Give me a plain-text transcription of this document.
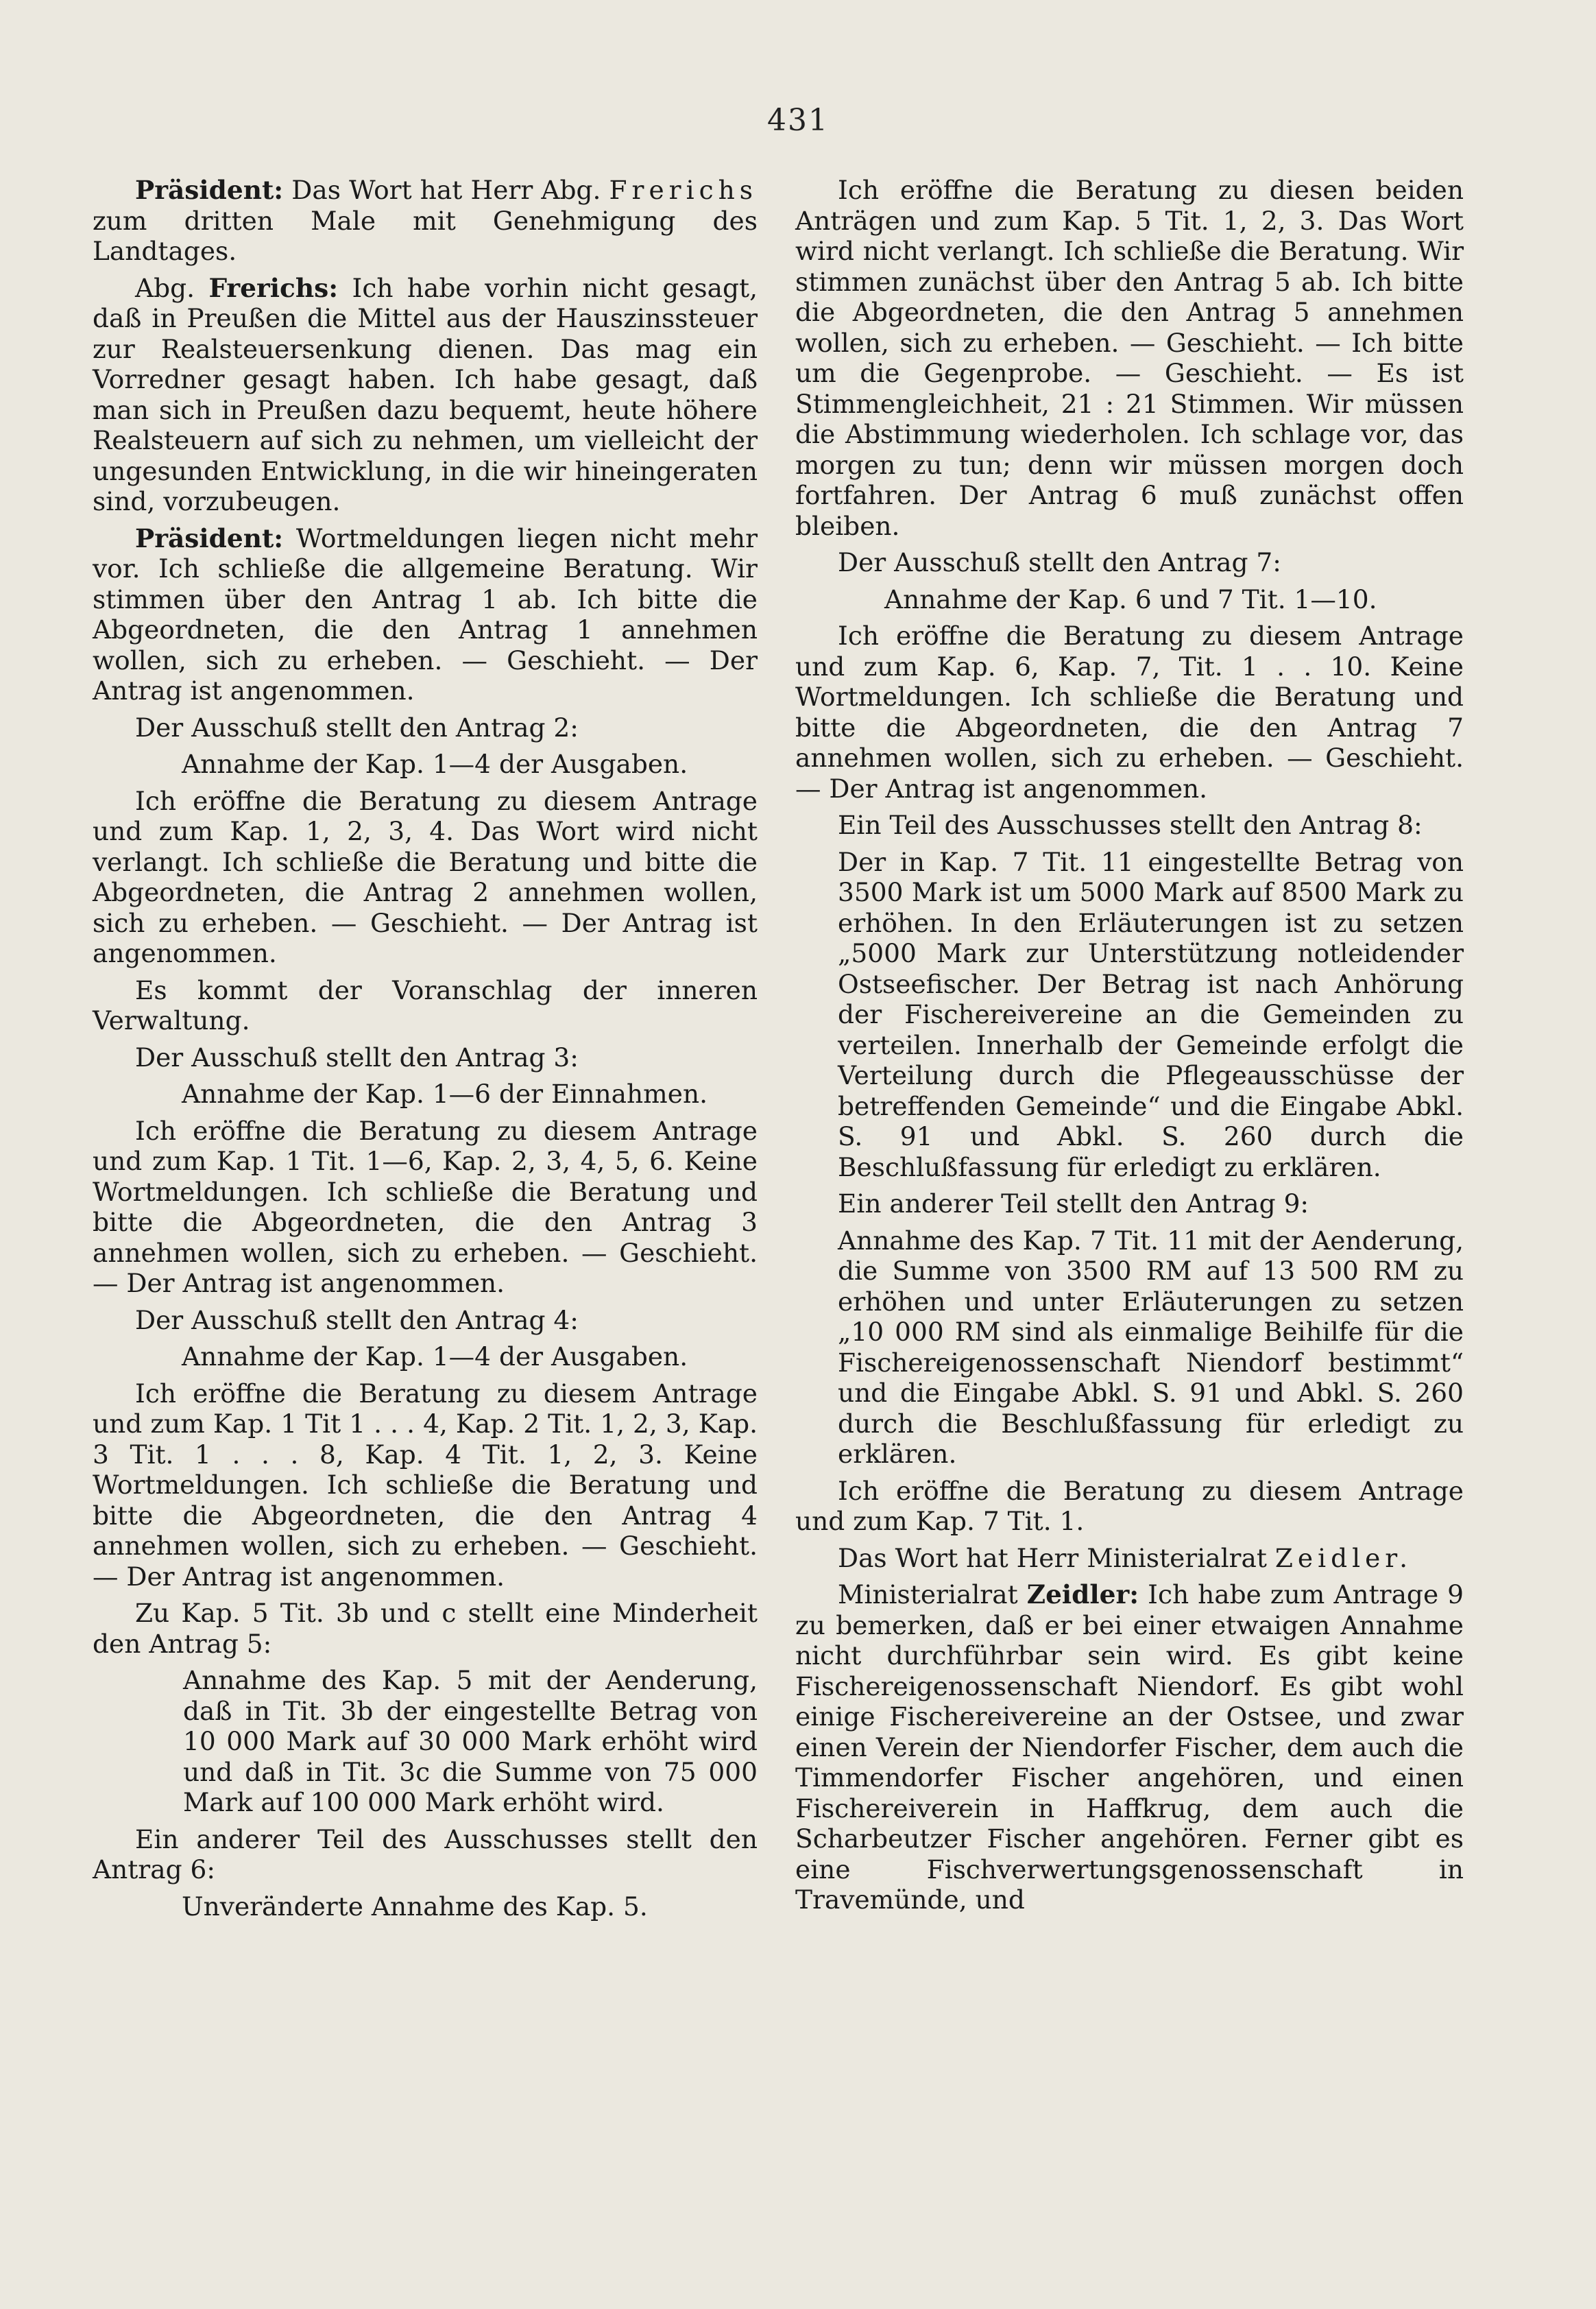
431

Präsident: Das Wort hat Herr Abg. Frerichs zum dritten Male mit Genehmigung des Landtages.

Abg. Frerichs: Ich habe vorhin nicht gesagt, daß in Preußen die Mittel aus der Hauszinssteuer zur Realsteuersenkung dienen. Das mag ein Vorredner gesagt haben. Ich habe gesagt, daß man sich in Preußen dazu bequemt, heute höhere Realsteuern auf sich zu nehmen, um vielleicht der ungesunden Entwicklung, in die wir hineingeraten sind, vorzubeugen.

Präsident: Wortmeldungen liegen nicht mehr vor. Ich schließe die allgemeine Beratung. Wir stimmen über den Antrag 1 ab. Ich bitte die Abgeordneten, die den Antrag 1 annehmen wollen, sich zu erheben. — Geschieht. — Der Antrag ist angenommen.

Der Ausschuß stellt den Antrag 2:

Annahme der Kap. 1—4 der Ausgaben.

Ich eröffne die Beratung zu diesem Antrage und zum Kap. 1, 2, 3, 4. Das Wort wird nicht verlangt. Ich schließe die Beratung und bitte die Abgeordneten, die Antrag 2 annehmen wollen, sich zu erheben. — Geschieht. — Der Antrag ist angenommen.

Es kommt der Voranschlag der inneren Verwaltung.

Der Ausschuß stellt den Antrag 3:

Annahme der Kap. 1—6 der Einnahmen.

Ich eröffne die Beratung zu diesem Antrage und zum Kap. 1 Tit. 1—6, Kap. 2, 3, 4, 5, 6. Keine Wortmeldungen. Ich schließe die Beratung und bitte die Abgeordneten, die den Antrag 3 annehmen wollen, sich zu erheben. — Geschieht. — Der Antrag ist angenommen.

Der Ausschuß stellt den Antrag 4:

Annahme der Kap. 1—4 der Ausgaben.

Ich eröffne die Beratung zu diesem Antrage und zum Kap. 1 Tit 1 . . . 4, Kap. 2 Tit. 1, 2, 3, Kap. 3 Tit. 1 . . . 8, Kap. 4 Tit. 1, 2, 3. Keine Wortmeldungen. Ich schließe die Beratung und bitte die Abgeordneten, die den Antrag 4 annehmen wollen, sich zu erheben. — Geschieht. — Der Antrag ist angenommen.

Zu Kap. 5 Tit. 3b und c stellt eine Minderheit den Antrag 5:

Annahme des Kap. 5 mit der Aenderung, daß in Tit. 3b der eingestellte Betrag von 10 000 Mark auf 30 000 Mark erhöht wird und daß in Tit. 3c die Summe von 75 000 Mark auf 100 000 Mark erhöht wird.

Ein anderer Teil des Ausschusses stellt den Antrag 6:

Unveränderte Annahme des Kap. 5.

Ich eröffne die Beratung zu diesen beiden Anträgen und zum Kap. 5 Tit. 1, 2, 3. Das Wort wird nicht verlangt. Ich schließe die Beratung. Wir stimmen zunächst über den Antrag 5 ab. Ich bitte die Abgeordneten, die den Antrag 5 annehmen wollen, sich zu erheben. — Geschieht. — Ich bitte um die Gegenprobe. — Geschieht. — Es ist Stimmengleichheit, 21 : 21 Stimmen. Wir müssen die Abstimmung wiederholen. Ich schlage vor, das morgen zu tun; denn wir müssen morgen doch fortfahren. Der Antrag 6 muß zunächst offen bleiben.

Der Ausschuß stellt den Antrag 7:

Annahme der Kap. 6 und 7 Tit. 1—10.

Ich eröffne die Beratung zu diesem Antrage und zum Kap. 6, Kap. 7, Tit. 1 . . 10. Keine Wortmeldungen. Ich schließe die Beratung und bitte die Abgeordneten, die den Antrag 7 annehmen wollen, sich zu erheben. — Geschieht. — Der Antrag ist angenommen.

Ein Teil des Ausschusses stellt den Antrag 8:

Der in Kap. 7 Tit. 11 eingestellte Betrag von 3500 Mark ist um 5000 Mark auf 8500 Mark zu erhöhen. In den Erläuterungen ist zu setzen „5000 Mark zur Unterstützung notleidender Ostseefischer. Der Betrag ist nach Anhörung der Fischereivereine an die Gemeinden zu verteilen. Innerhalb der Gemeinde erfolgt die Verteilung durch die Pflegeausschüsse der betreffenden Gemeinde“ und die Eingabe Abkl. S. 91 und Abkl. S. 260 durch die Beschlußfassung für erledigt zu erklären.

Ein anderer Teil stellt den Antrag 9:

Annahme des Kap. 7 Tit. 11 mit der Aenderung, die Summe von 3500 RM auf 13 500 RM zu erhöhen und unter Erläuterungen zu setzen „10 000 RM sind als einmalige Beihilfe für die Fischereigenossenschaft Niendorf bestimmt“ und die Eingabe Abkl. S. 91 und Abkl. S. 260 durch die Beschlußfassung für erledigt zu erklären.

Ich eröffne die Beratung zu diesem Antrage und zum Kap. 7 Tit. 1.

Das Wort hat Herr Ministerialrat Zeidler.

Ministerialrat Zeidler: Ich habe zum Antrage 9 zu bemerken, daß er bei einer etwaigen Annahme nicht durchführbar sein wird. Es gibt keine Fischereigenossenschaft Niendorf. Es gibt wohl einige Fischereivereine an der Ostsee, und zwar einen Verein der Niendorfer Fischer, dem auch die Timmendorfer Fischer angehören, und einen Fischereiverein in Haffkrug, dem auch die Scharbeutzer Fischer angehören. Ferner gibt es eine Fischverwertungsgenossenschaft in Travemünde, und
